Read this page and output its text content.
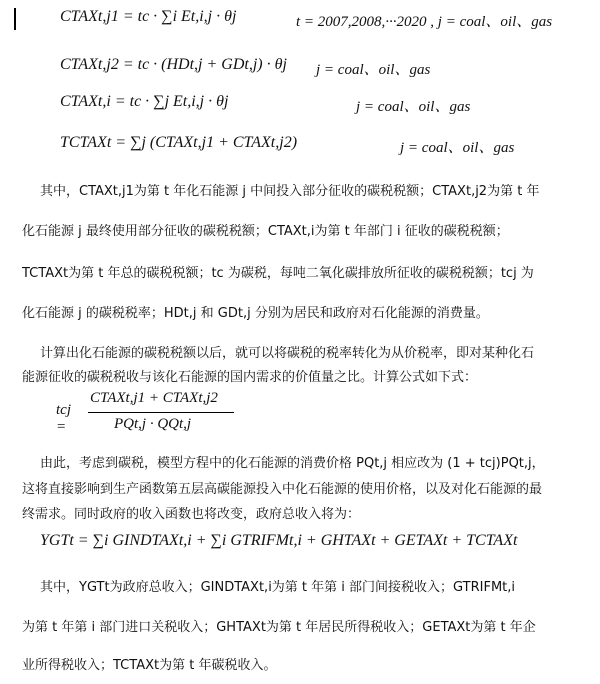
CTAXt,j1 = tc · ∑i Et,i,j · θj	t = 2007,2008,···2020 , j = coal、oil、gas
CTAXt,j2 = tc · (HDt,j + GDt,j) · θj j = coal、oil、gas
CTAXt,i = tc · ∑j Et,i,j · θj	j = coal、oil、gas
TCTAXt = ∑j (CTAXt,j1 + CTAXt,j2)	j = coal、oil、gas
其中，CTAXt,j1为第 t 年化石能源 j 中间投入部分征收的碳税税额；CTAXt,j2为第 t 年
化石能源 j 最终使用部分征收的碳税税额；CTAXt,i为第 t 年部门 i 征收的碳税税额；
TCTAXt为第 t 年总的碳税税额；tc 为碳税，每吨二氧化碳排放所征收的碳税税额；tcj 为
化石能源 j 的碳税税率；HDt,j 和 GDt,j 分别为居民和政府对石化能源的消费量。
计算出化石能源的碳税税额以后，就可以将碳税的税率转化为从价税率，即对某种化石
能源征收的碳税税收与该化石能源的国内需求的价值量之比。计算公式如下式：
tcj =
CTAXt,j1 + CTAXt,j2
PQt,j · QQt,j
由此，考虑到碳税，模型方程中的化石能源的消费价格 PQt,j 相应改为 (1 + tcj)PQt,j，
这将直接影响到生产函数第五层高碳能源投入中化石能源的使用价格，以及对化石能源的最
终需求。同时政府的收入函数也将改变，政府总收入将为：
YGTt = ∑i GINDTAXt,i + ∑i GTRIFMt,i + GHTAXt + GETAXt + TCTAXt
其中，YGTt为政府总收入；GINDTAXt,i为第 t 年第 i 部门间接税收入；GTRIFMt,i
为第 t 年第 i 部门进口关税收入；GHTAXt为第 t 年居民所得税收入；GETAXt为第 t 年企
业所得税收入；TCTAXt为第 t 年碳税收入。
